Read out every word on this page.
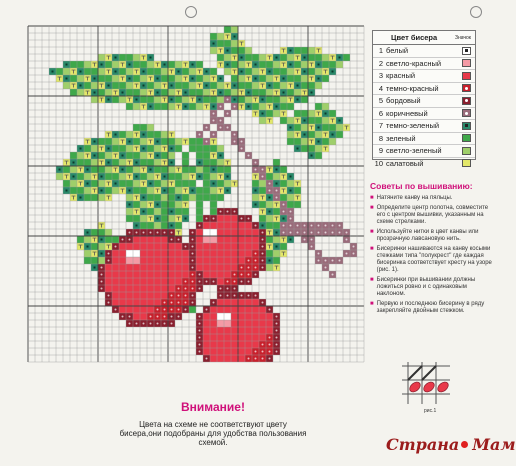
Цвет бисера	Значок
1 белый
2 светло-красный
3 красный
4 темно-красный
5 бордовый
6 коричневый
7 темно-зеленый
8 зеленый
9 светло-зеленый
10 салатовый
Советы по вышиванию:
■ Натяните канву на пяльцы.
■ Определите центр полотна, совместите его с центром вышивки, указанным на схеме стрелками.
■ Используйте нитки в цвет канвы или прозрачную лавсановую нить.
■ Бисеринки нашиваются на канву косыми стежками типа "полукрест" где каждая бисеринка соответствует кресту на узоре (рис. 1).
■ Бисеринки при вышивании должны ложиться ровно и с одинаковым наклоном.
■ Первую и последнюю бисерину в ряду закрепляйте двойным стежком.
Внимание!
Цвета на схеме не соответствуют цвету бисера,они подобраны для удобства пользования схемой.
рис.1
Страна Мам
